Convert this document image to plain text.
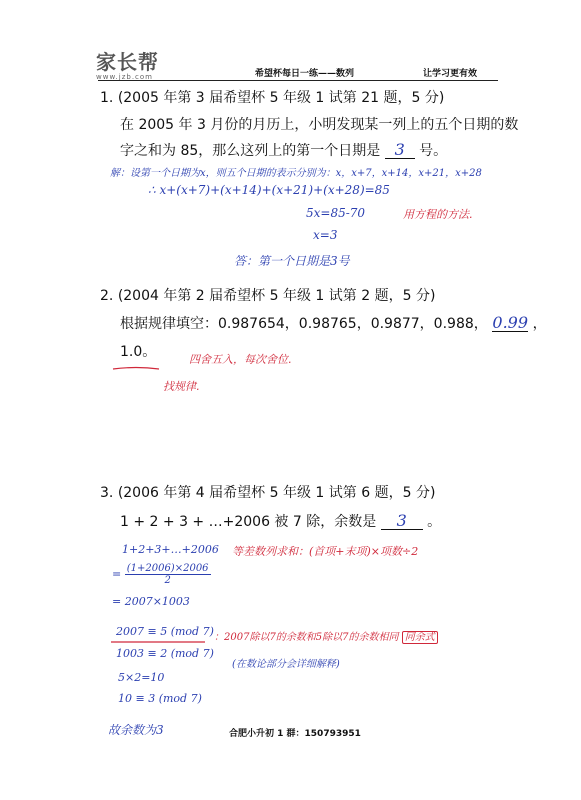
家长帮
www.jzb.com	希望杯每日一练——数列	让学习更有效
1. (2005 年第 3 届希望杯 5 年级 1 试第 21 题，5 分)
在 2005 年 3 月份的月历上，小明发现某一列上的五个日期的数
字之和为 85，那么这列上的第一个日期是 3 号。
解：设第一个日期为x，则五个日期的表示分别为：x，x+7，x+14，x+21，x+28
∴ x+(x+7)+(x+14)+(x+21)+(x+28)=85
5x=85-70
x=3
用方程的方法.
答：第一个日期是3号
2. (2004 年第 2 届希望杯 5 年级 1 试第 2 题，5 分)
根据规律填空：0.987654，0.98765，0.9877，0.988， 0.99 ，
1.0。	四舍五入，每次舍位.
找规律.
3. (2006 年第 4 届希望杯 5 年级 1 试第 6 题，5 分)
1 + 2 + 3 + …+2006 被 7 除，余数是 3 。
1+2+3+…+2006 等差数列求和：(首项+末项)×项数÷2
= $\frac{(1+2006)\times 2006}{2}$
= 2007×1003
2007 ≡ 5 (mod 7) ：2007除以7的余数和5除以7的余数相同 同余式
1003 ≡ 2 (mod 7)
(在数论部分会详细解释)
5×2=10
10 ≡ 3 (mod 7)
故余数为3	合肥小升初 1 群：150793951
